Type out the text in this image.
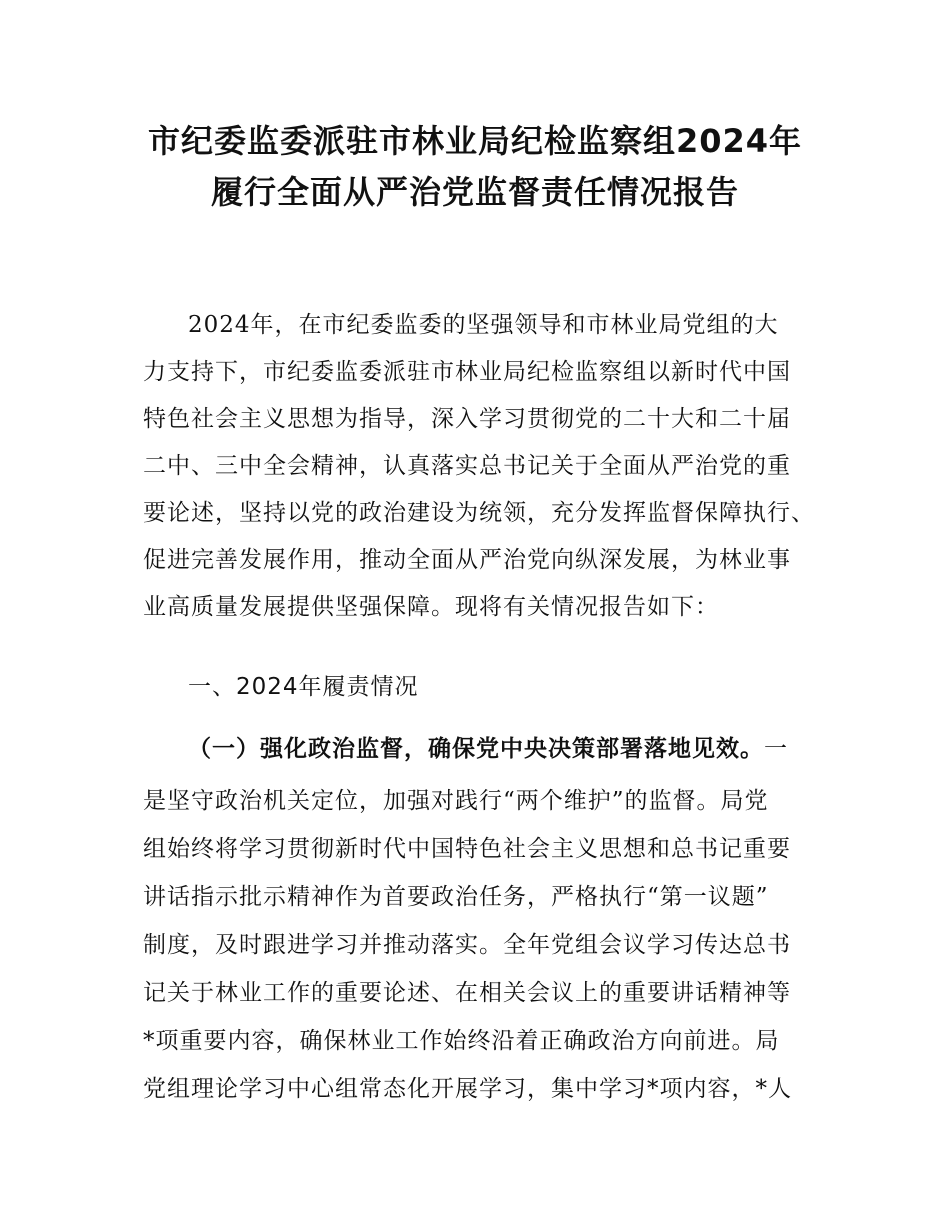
市纪委监委派驻市林业局纪检监察组2024年
履行全面从严治党监督责任情况报告
2024年，在市纪委监委的坚强领导和市林业局党组的大
力支持下，市纪委监委派驻市林业局纪检监察组以新时代中国
特色社会主义思想为指导，深入学习贯彻党的二十大和二十届
二中、三中全会精神，认真落实总书记关于全面从严治党的重
要论述，坚持以党的政治建设为统领，充分发挥监督保障执行、
促进完善发展作用，推动全面从严治党向纵深发展，为林业事
业高质量发展提供坚强保障。现将有关情况报告如下：
一、2024年履责情况
（一）强化政治监督，确保党中央决策部署落地见效。一
是坚守政治机关定位，加强对践行“两个维护”的监督。局党
组始终将学习贯彻新时代中国特色社会主义思想和总书记重要
讲话指示批示精神作为首要政治任务，严格执行“第一议题”
制度，及时跟进学习并推动落实。全年党组会议学习传达总书
记关于林业工作的重要论述、在相关会议上的重要讲话精神等
*项重要内容，确保林业工作始终沿着正确政治方向前进。局
党组理论学习中心组常态化开展学习，集中学习*项内容，*人
